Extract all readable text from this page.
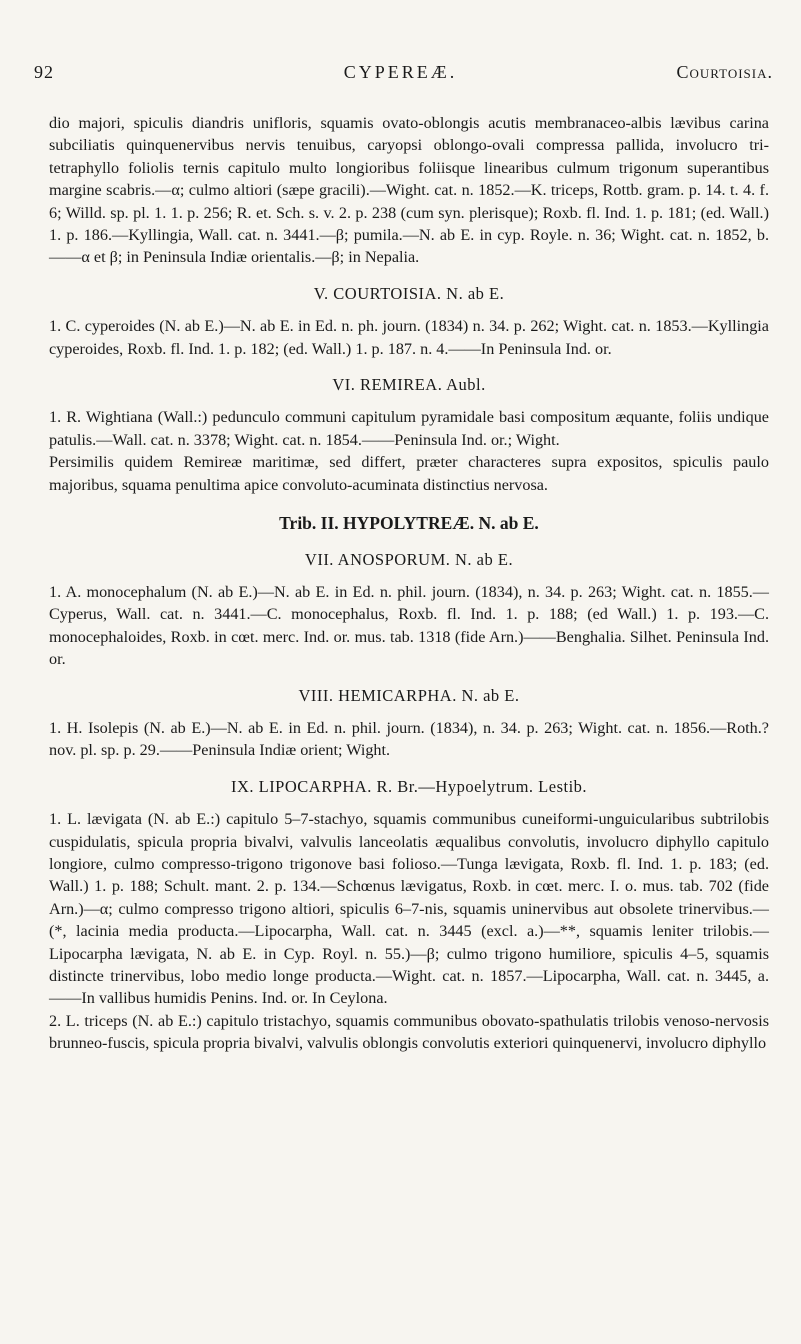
92	CYPEREÆ.	Courtoisia.

dio majori, spiculis diandris unifloris, squamis ovato-oblongis acutis membranaceo-albis lævibus carina subciliatis quinquenervibus nervis tenuibus, caryopsi oblongo-ovali compressa pallida, involucro tri-tetraphyllo foliolis ternis capitulo multo longioribus foliisque linearibus culmum trigonum superantibus margine scabris.—α; culmo altiori (sæpe gracili).—Wight. cat. n. 1852.—K. triceps, Rottb. gram. p. 14. t. 4. f. 6; Willd. sp. pl. 1. 1. p. 256; R. et. Sch. s. v. 2. p. 238 (cum syn. plerisque); Roxb. fl. Ind. 1. p. 181; (ed. Wall.) 1. p. 186.—Kyllingia, Wall. cat. n. 3441.—β; pumila.—N. ab E. in cyp. Royle. n. 36; Wight. cat. n. 1852, b.——α et β; in Peninsula Indiæ orientalis.—β; in Nepalia.

V. COURTOISIA. N. ab E.

1. C. cyperoides (N. ab E.)—N. ab E. in Ed. n. ph. journ. (1834) n. 34. p. 262; Wight. cat. n. 1853.—Kyllingia cyperoides, Roxb. fl. Ind. 1. p. 182; (ed. Wall.) 1. p. 187. n. 4.——In Peninsula Ind. or.

VI. REMIREA. Aubl.

1. R. Wightiana (Wall.:) pedunculo communi capitulum pyramidale basi compositum æquante, foliis undique patulis.—Wall. cat. n. 3378; Wight. cat. n. 1854.——Peninsula Ind. or.; Wight.

Persimilis quidem Remireæ maritimæ, sed differt, præter characteres supra expositos, spiculis paulo majoribus, squama penultima apice convoluto-acuminata distinctius nervosa.

Trib. II. HYPOLYTREÆ. N. ab E.
VII. ANOSPORUM. N. ab E.

1. A. monocephalum (N. ab E.)—N. ab E. in Ed. n. phil. journ. (1834), n. 34. p. 263; Wight. cat. n. 1855.—Cyperus, Wall. cat. n. 3441.—C. monocephalus, Roxb. fl. Ind. 1. p. 188; (ed Wall.) 1. p. 193.—C. monocephaloides, Roxb. in cœt. merc. Ind. or. mus. tab. 1318 (fide Arn.)——Benghalia. Silhet. Peninsula Ind. or.

VIII. HEMICARPHA. N. ab E.

1. H. Isolepis (N. ab E.)—N. ab E. in Ed. n. phil. journ. (1834), n. 34. p. 263; Wight. cat. n. 1856.—Roth.? nov. pl. sp. p. 29.——Peninsula Indiæ orient; Wight.

IX. LIPOCARPHA. R. Br.—Hypoelytrum. Lestib.

1. L. lævigata (N. ab E.:) capitulo 5–7-stachyo, squamis communibus cuneiformi-unguicularibus subtrilobis cuspidulatis, spicula propria bivalvi, valvulis lanceolatis æqualibus convolutis, involucro diphyllo capitulo longiore, culmo compresso-trigono trigonove basi folioso.—Tunga lævigata, Roxb. fl. Ind. 1. p. 183; (ed. Wall.) 1. p. 188; Schult. mant. 2. p. 134.—Schœnus lævigatus, Roxb. in cœt. merc. I. o. mus. tab. 702 (fide Arn.)—α; culmo compresso trigono altiori, spiculis 6–7-nis, squamis uninervibus aut obsolete trinervibus.—(*, lacinia media producta.—Lipocarpha, Wall. cat. n. 3445 (excl. a.)—**, squamis leniter trilobis.—Lipocarpha lævigata, N. ab E. in Cyp. Royl. n. 55.)—β; culmo trigono humiliore, spiculis 4–5, squamis distincte trinervibus, lobo medio longe producta.—Wight. cat. n. 1857.—Lipocarpha, Wall. cat. n. 3445, a.——In vallibus humidis Penins. Ind. or. In Ceylona.

2. L. triceps (N. ab E.:) capitulo tristachyo, squamis communibus obovato-spathulatis trilobis venoso-nervosis brunneo-fuscis, spicula propria bivalvi, valvulis oblongis convolutis exteriori quinquenervi, involucro diphyllo
